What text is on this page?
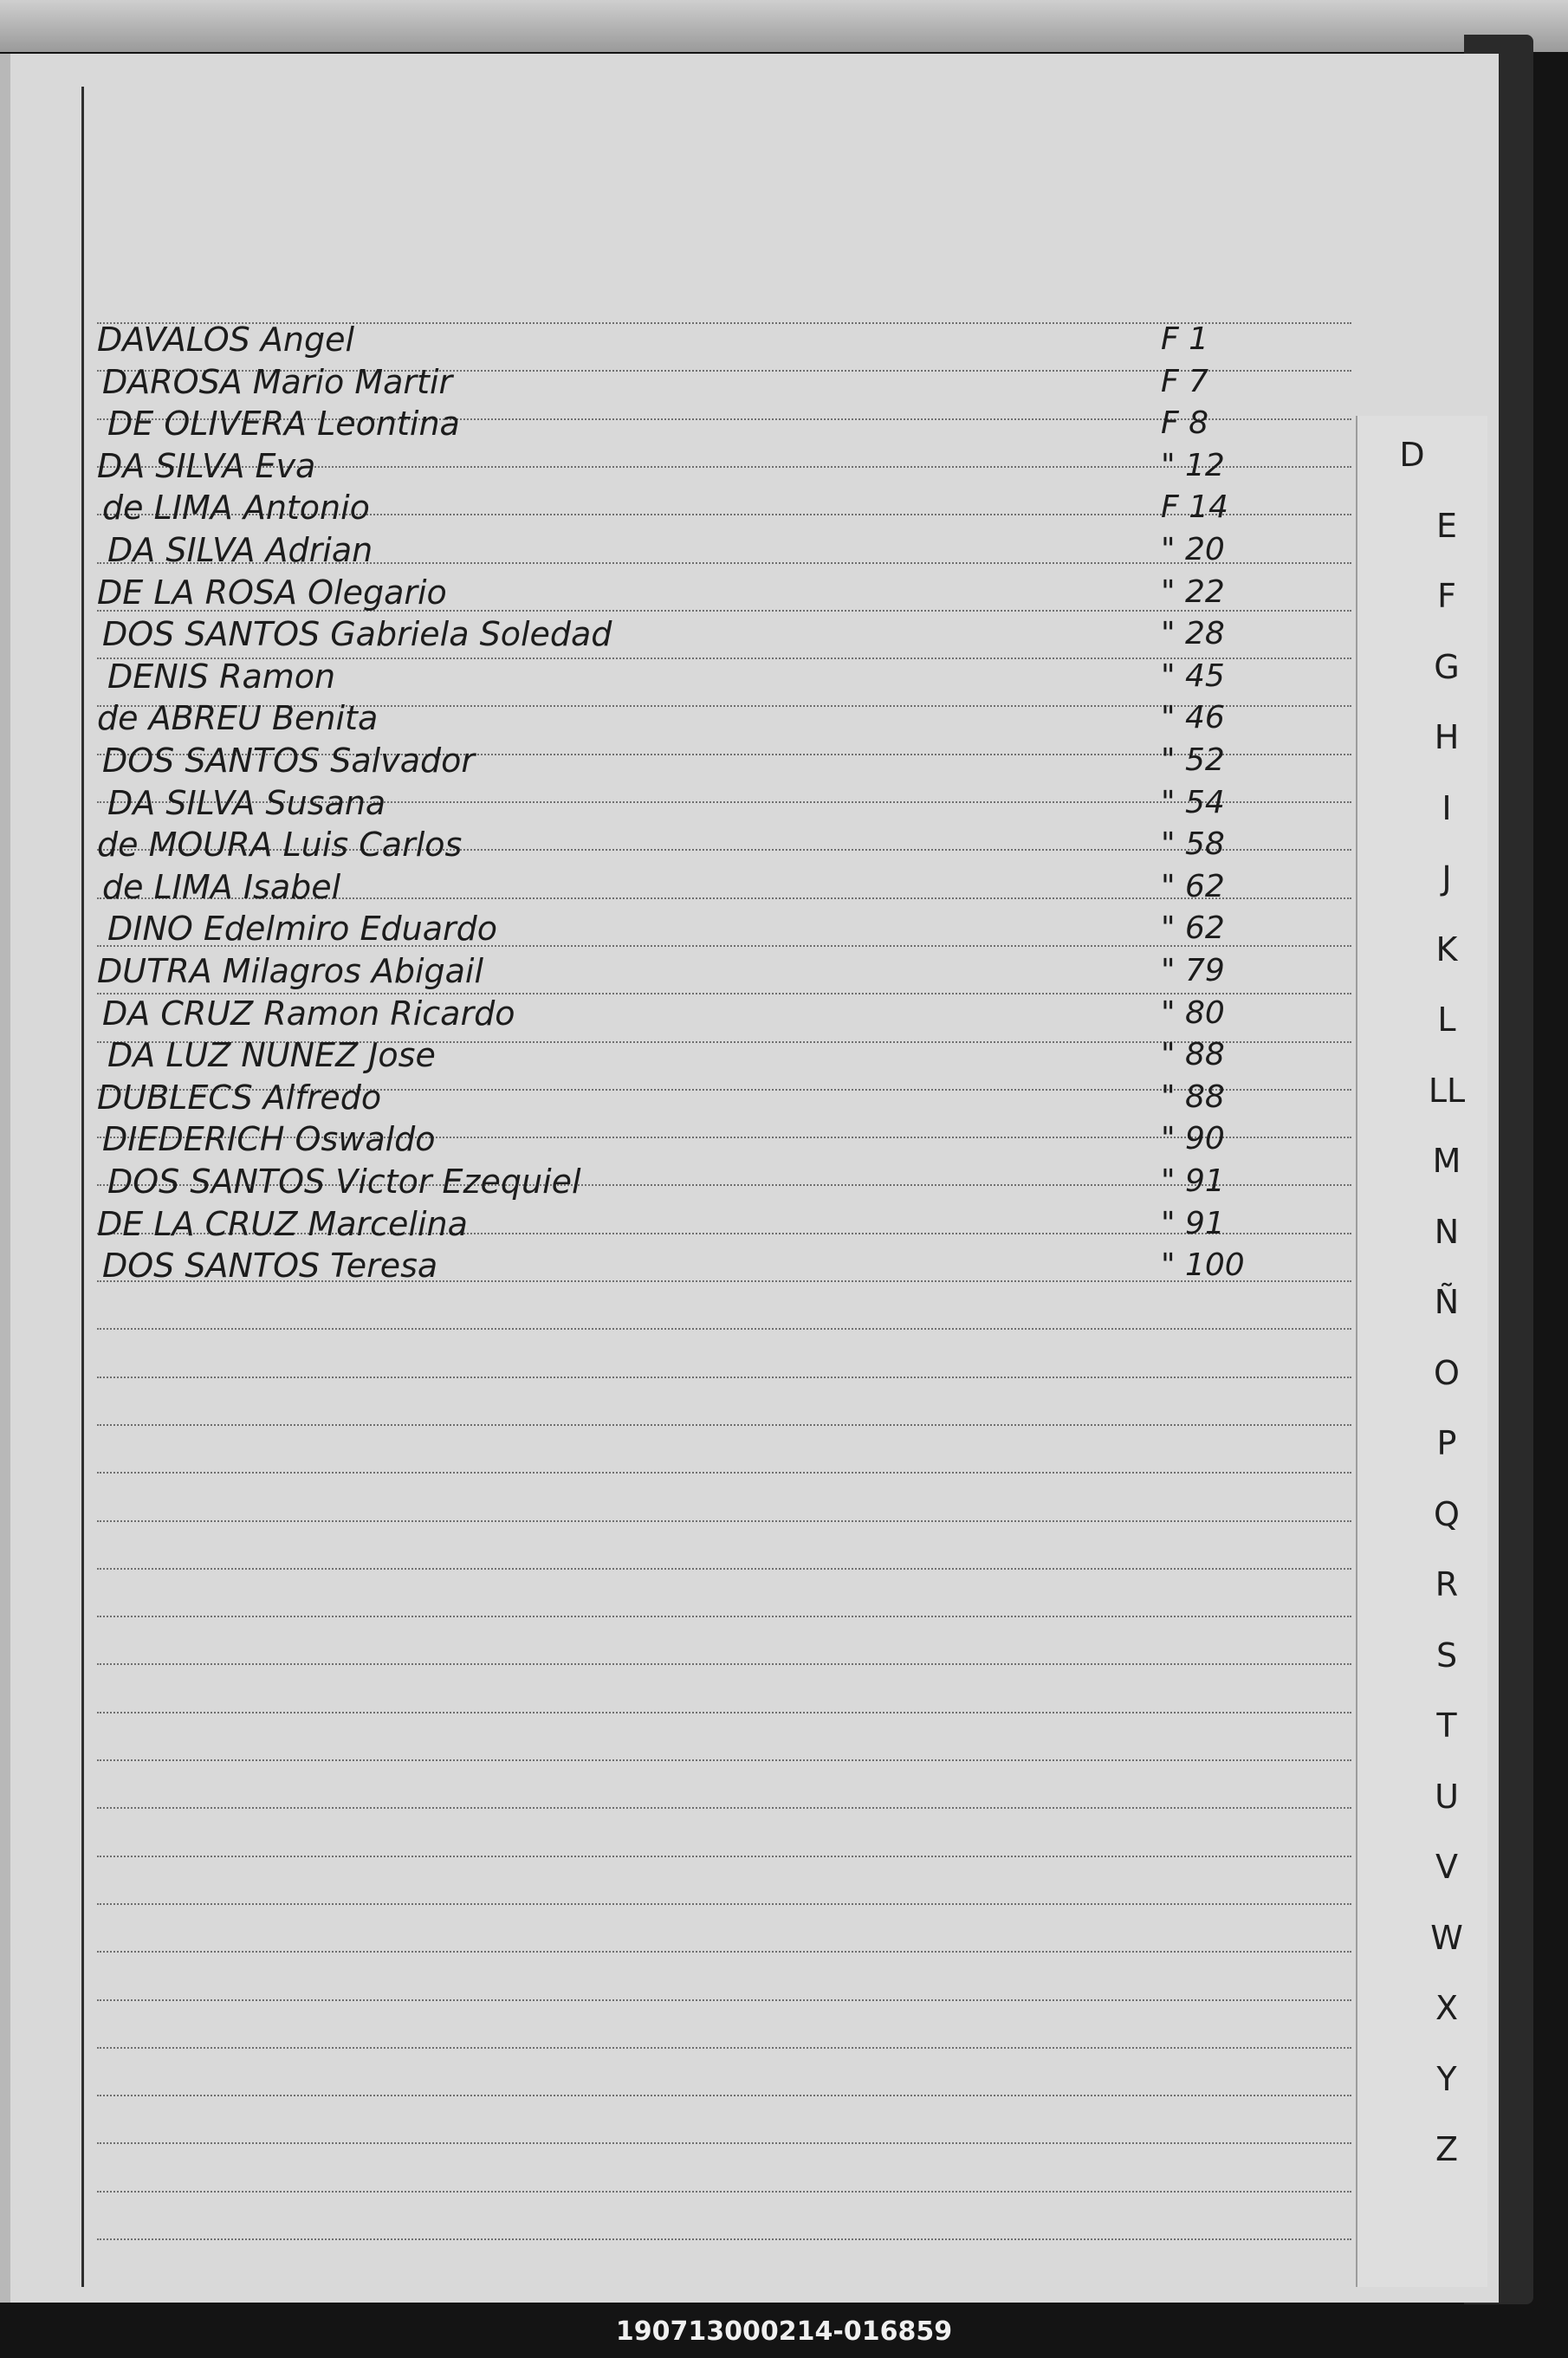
DAVALOS Angel	F 1
DAROSA Mario Martir	F 7
DE OLIVERA Leontina	F 8
DA SILVA Eva	" 12
de LIMA Antonio	F 14
DA SILVA Adrian	" 20
DE LA ROSA Olegario	" 22
DOS SANTOS Gabriela Soledad	" 28
DENIS Ramon	" 45
de ABREU Benita	" 46
DOS SANTOS Salvador	" 52
DA SILVA Susana	" 54
de MOURA Luis Carlos	" 58
de LIMA Isabel	" 62
DINO Edelmiro Eduardo	" 62
DUTRA Milagros Abigail	" 79
DA CRUZ Ramon Ricardo	" 80
DA LUZ NUNEZ Jose	" 88
DUBLECS Alfredo	" 88
DIEDERICH Oswaldo	" 90
DOS SANTOS Victor Ezequiel	" 91
DE LA CRUZ Marcelina	" 91
DOS SANTOS Teresa	" 100
D
E
F
G
H
I
J
K
L
LL
M
N
Ñ
O
P
Q
R
S
T
U
V
W
X
Y
Z
190713000214-016859
